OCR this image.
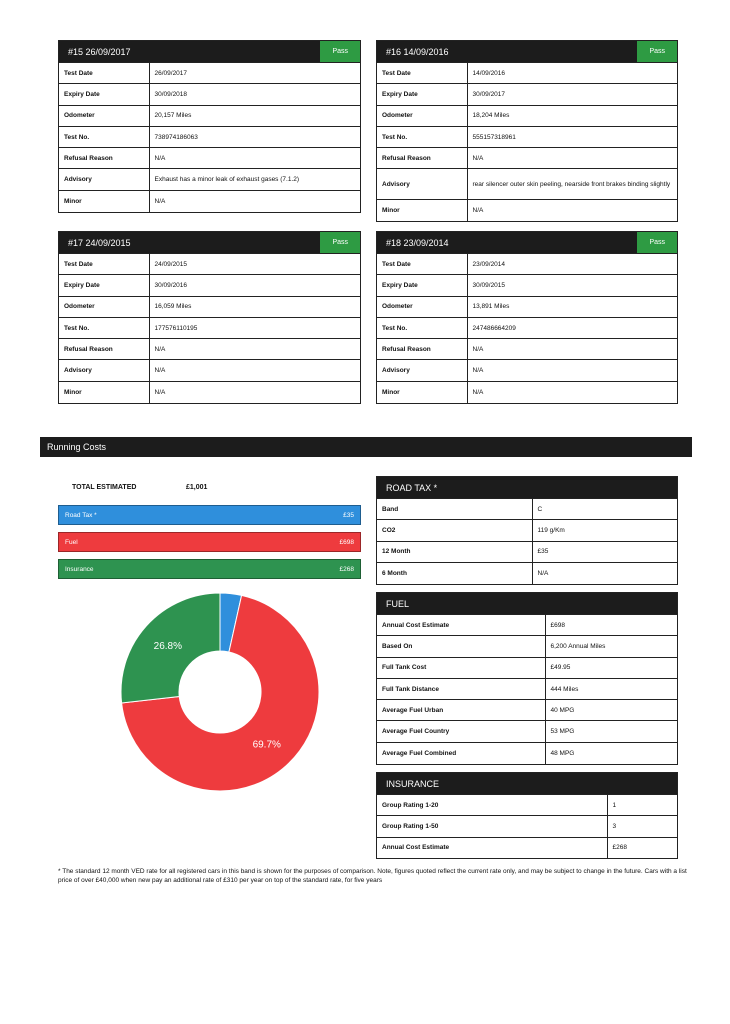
#15 26/09/2017	Pass
Test Date	26/09/2017
Expiry Date	30/09/2018
Odometer	20,157 Miles
Test No.	738974186063
Refusal Reason	N/A
Advisory	Exhaust has a minor leak of exhaust gases (7.1.2)
Minor	N/A
#16 14/09/2016	Pass
Test Date	14/09/2016
Expiry Date	30/09/2017
Odometer	18,204 Miles
Test No.	555157318961
Refusal Reason	N/A
Advisory	rear silencer outer skin peeling, nearside front brakes binding slightly
Minor	N/A
#17 24/09/2015	Pass
Test Date	24/09/2015
Expiry Date	30/09/2016
Odometer	16,059 Miles
Test No.	177576110195
Refusal Reason	N/A
Advisory	N/A
Minor	N/A
#18 23/09/2014	Pass
Test Date	23/09/2014
Expiry Date	30/09/2015
Odometer	13,891 Miles
Test No.	247486664209
Refusal Reason	N/A
Advisory	N/A
Minor	N/A
Running Costs
TOTAL ESTIMATED	£1,001
Road Tax *	£35
Fuel	£698
Insurance	£268
69.7%
26.8%
ROAD TAX *
Band	C
CO2	119 g/Km
12 Month	£35
6 Month	N/A
FUEL
Annual Cost Estimate	£698
Based On	6,200 Annual Miles
Full Tank Cost	£49.95
Full Tank Distance	444 Miles
Average Fuel Urban	40 MPG
Average Fuel Country	53 MPG
Average Fuel Combined	48 MPG
INSURANCE
Group Rating 1-20	1
Group Rating 1-50	3
Annual Cost Estimate	£268

* The standard 12 month VED rate for all registered cars in this band is shown for the purposes of comparison. Note, figures quoted reflect the current rate only, and may be subject to change in the future. Cars with a list price of over £40,000 when new pay an additional rate of £310 per year on top of the standard rate, for five years
